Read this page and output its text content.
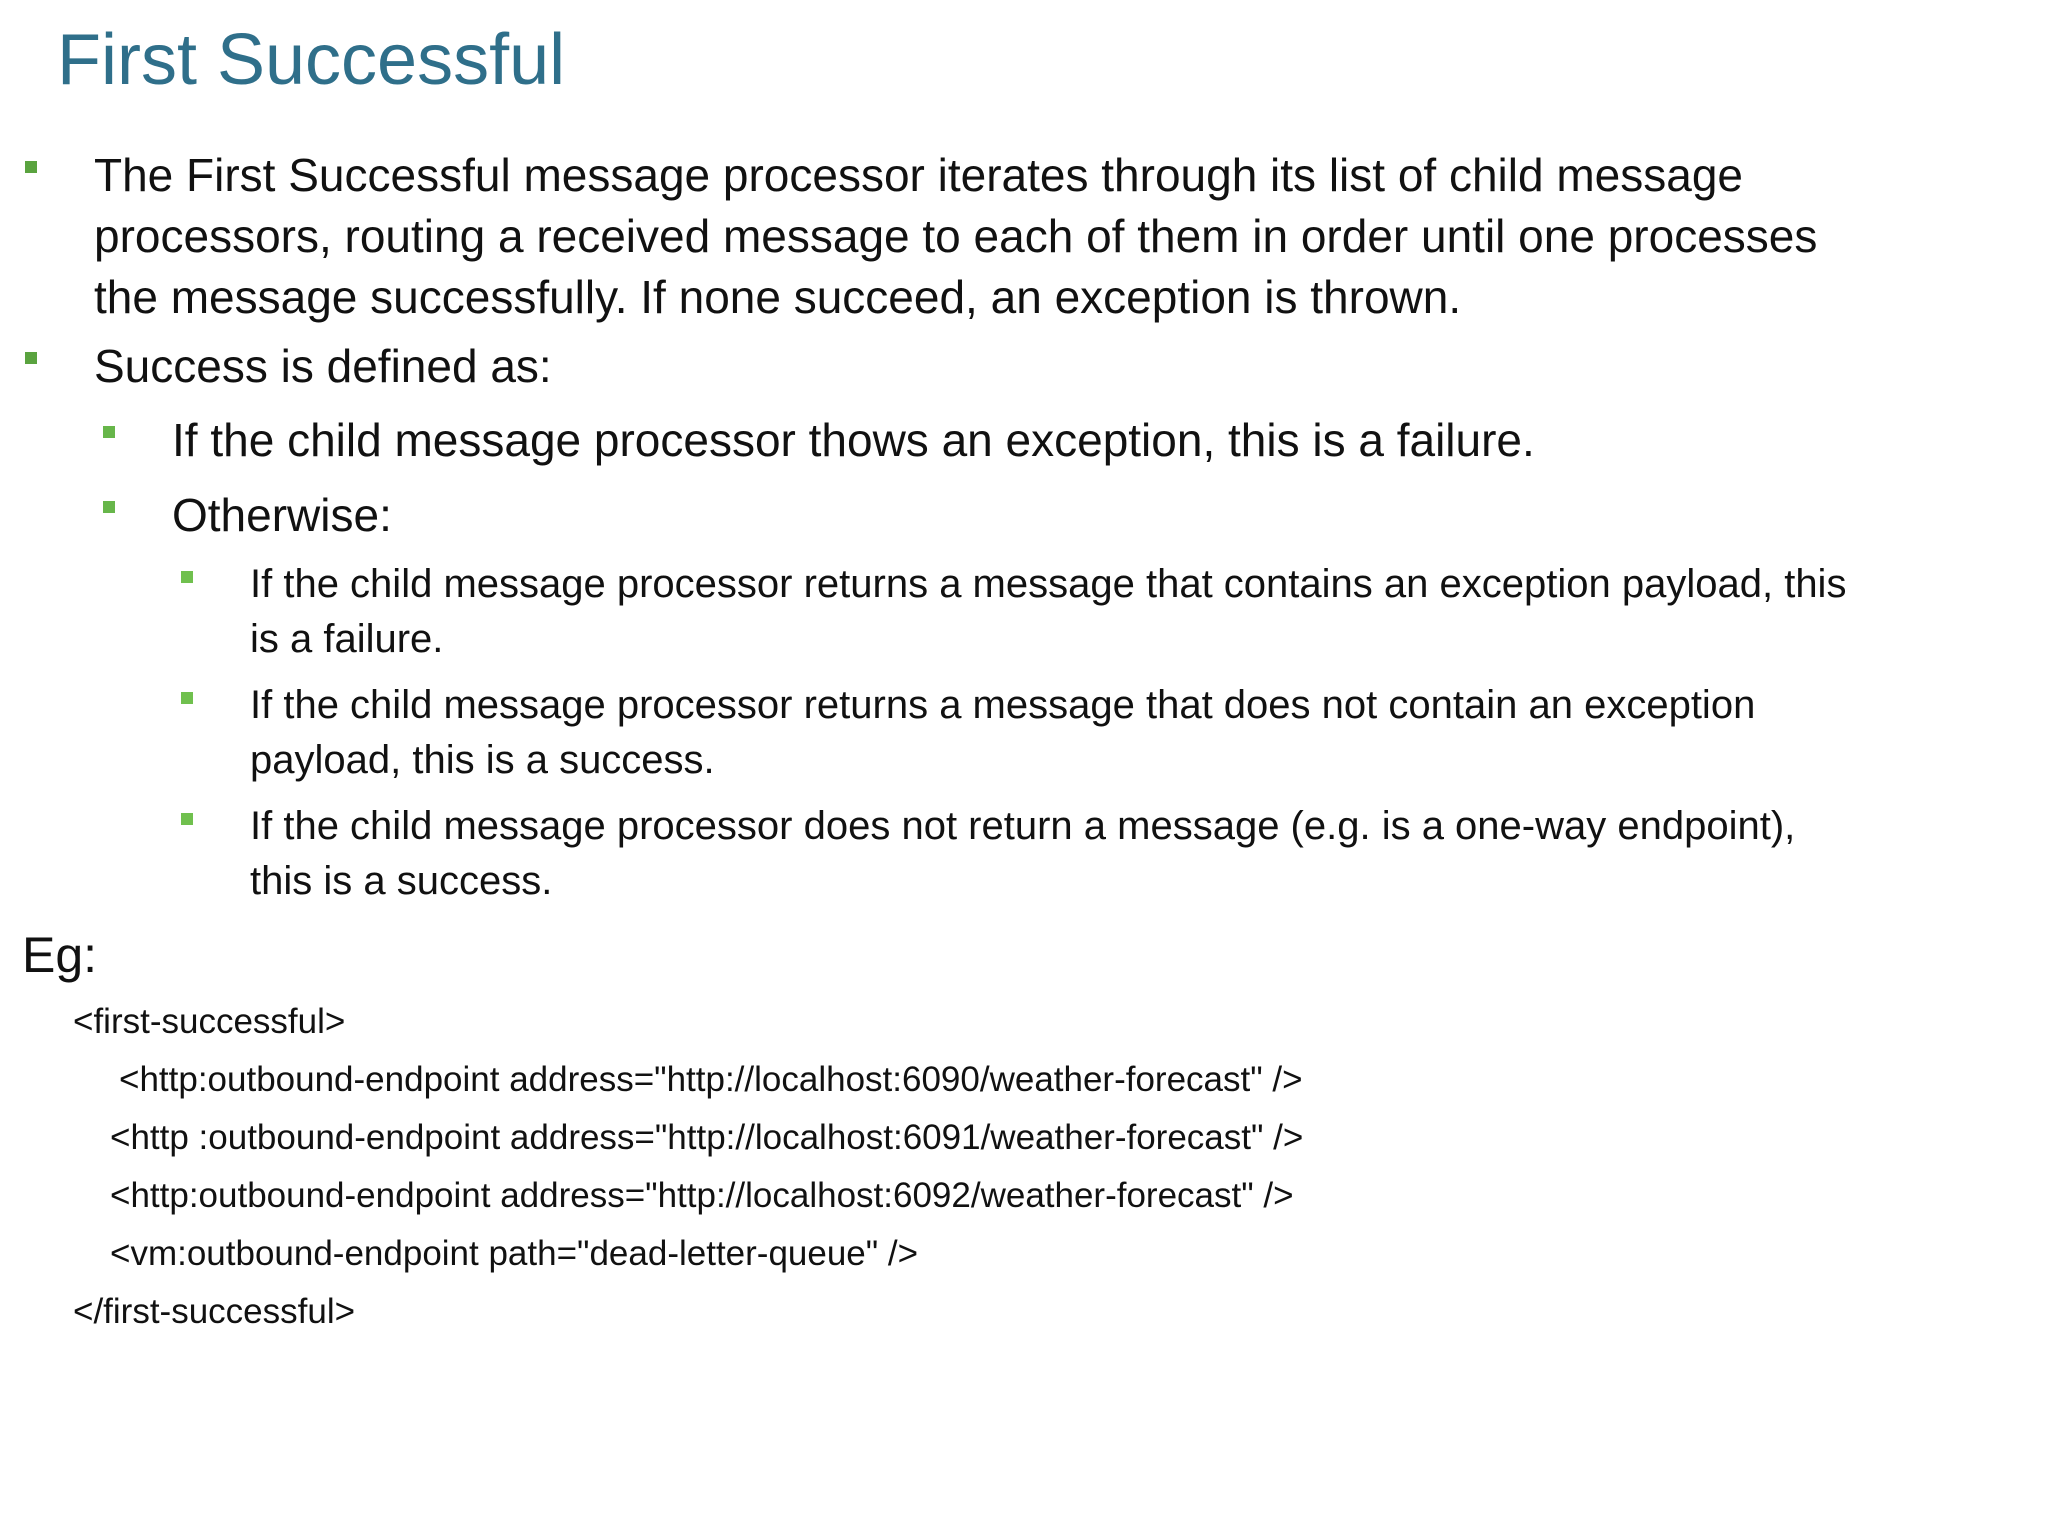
First Successful
The First Successful message processor iterates through its list of child message
processors, routing a received message to each of them in order until one processes
the message successfully. If none succeed, an exception is thrown.
Success is defined as:
If the child message processor thows an exception, this is a failure.
Otherwise:
If the child message processor returns a message that contains an exception payload, this
is a failure.
If the child message processor returns a message that does not contain an exception
payload, this is a success.
If the child message processor does not return a message (e.g. is a one-way endpoint),
this is a success.
Eg:
<first-successful>
<http:outbound-endpoint address="http://localhost:6090/weather-forecast" />
<http :outbound-endpoint address="http://localhost:6091/weather-forecast" />
<http:outbound-endpoint address="http://localhost:6092/weather-forecast" />
<vm:outbound-endpoint path="dead-letter-queue" />
</first-successful>
